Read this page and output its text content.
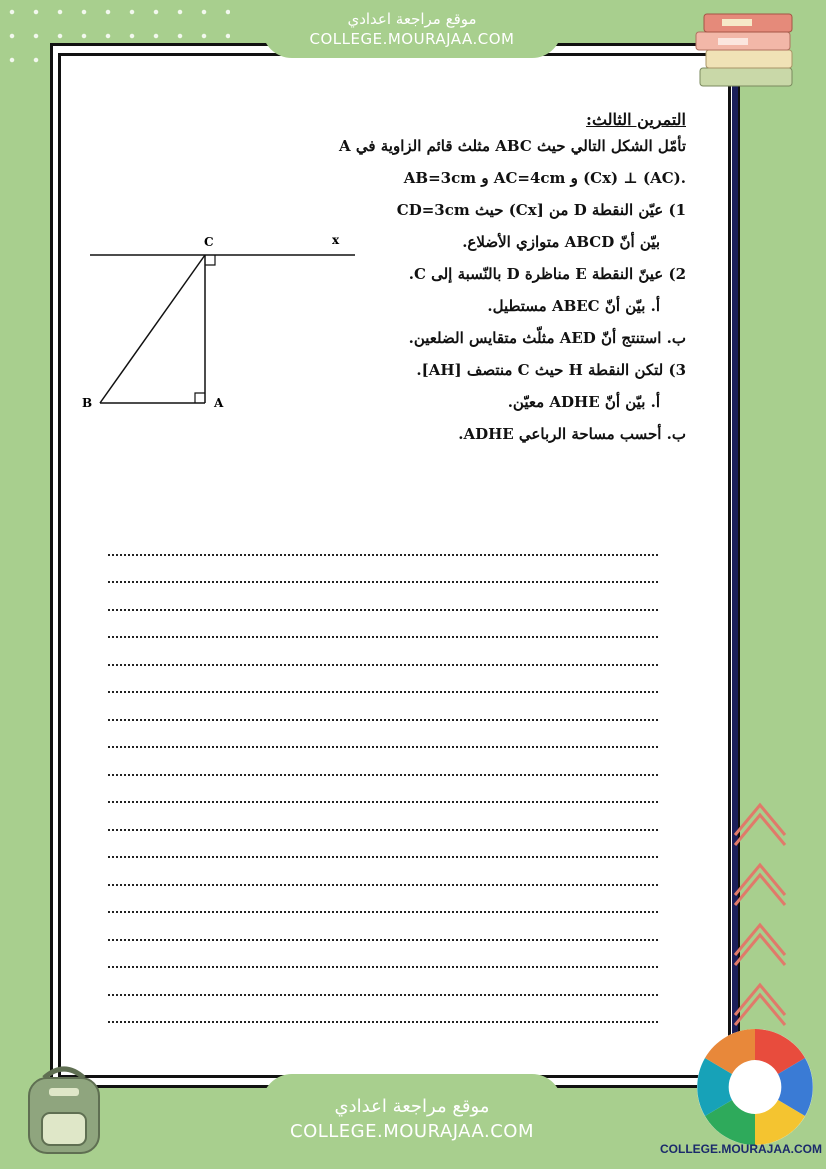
موقع مراجعة اعدادي
COLLEGE.MOURAJAA.COM
التمرين الثالث:
تأمّل الشكل التالي حيث ABC مثلث قائم الزاوية في A
AB=3cm و AC=4cm و (Cx) ⊥ (AC).
1) عيّن النقطة D من [Cx) حيث CD=3cm
بيّن أنّ ABCD متوازي الأضلاع.
2) عينّ النقطة E مناظرة D بالنّسبة إلى C.
أ. بيّن أنّ ABEC مستطيل.
ب. استنتج أنّ AED مثلّث متقايس الضلعين.
3) لتكن النقطة H حيث C منتصف [AH].
أ. بيّن أنّ ADHE معيّن.
ب. أحسب مساحة الرباعي ADHE.
C	x
B	A
COLLEGE.MOURAJAA.COM
موقع مراجعة اعدادي
COLLEGE.MOURAJAA.COM
